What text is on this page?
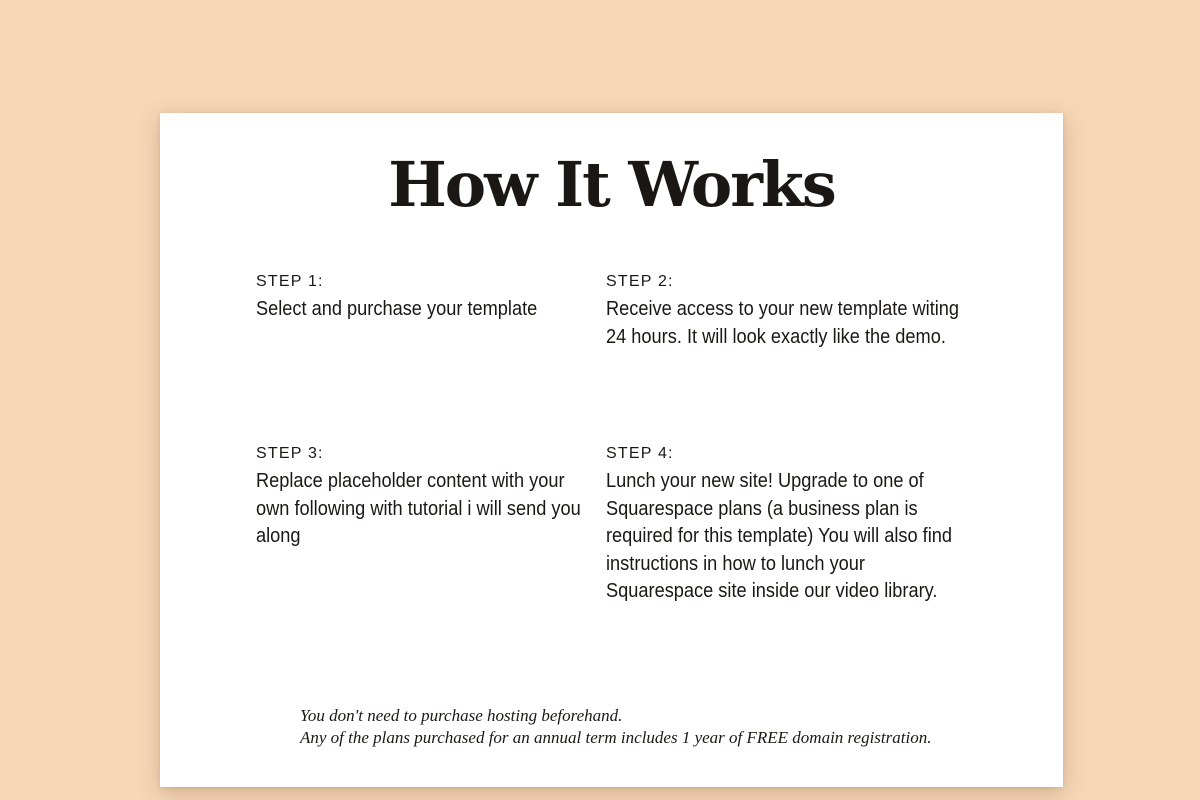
How It Works
STEP 1:
Select and purchase your template
STEP 2:
Receive access to your new template witing 24 hours. It will look exactly like the demo.
STEP 3:
Replace placeholder content with your own following with tutorial i will send you along
STEP 4:
Lunch your new site! Upgrade to one of Squarespace plans (a business plan is required for this template) You will also find instructions in how to lunch your Squarespace site inside our video library.
You don't need to purchase hosting beforehand.
Any of the plans purchased for an annual term includes 1 year of FREE domain registration.
